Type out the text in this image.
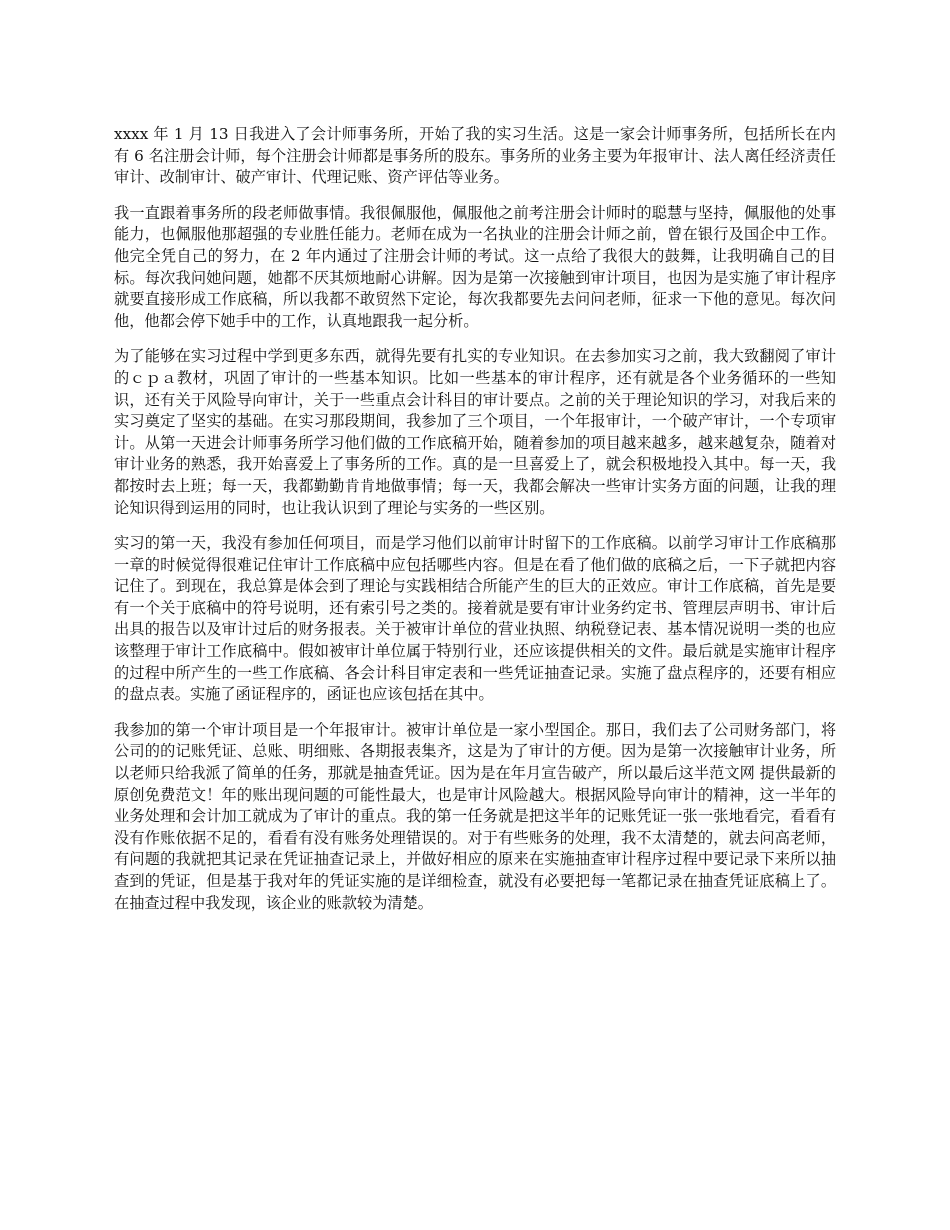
xxxx 年 1 月 13 日我进入了会计师事务所，开始了我的实习生活。这是一家会计师事务所，包括所长在内有 6 名注册会计师，每个注册会计师都是事务所的股东。事务所的业务主要为年报审计、法人离任经济责任审计、改制审计、破产审计、代理记账、资产评估等业务。

我一直跟着事务所的段老师做事情。我很佩服他，佩服他之前考注册会计师时的聪慧与坚持，佩服他的处事能力，也佩服他那超强的专业胜任能力。老师在成为一名执业的注册会计师之前，曾在银行及国企中工作。他完全凭自己的努力，在 2 年内通过了注册会计师的考试。这一点给了我很大的鼓舞，让我明确自己的目标。每次我问她问题，她都不厌其烦地耐心讲解。因为是第一次接触到审计项目，也因为是实施了审计程序就要直接形成工作底稿，所以我都不敢贸然下定论，每次我都要先去问问老师，征求一下他的意见。每次问他，他都会停下她手中的工作，认真地跟我一起分析。

为了能够在实习过程中学到更多东西，就得先要有扎实的专业知识。在去参加实习之前，我大致翻阅了审计的ｃｐａ教材，巩固了审计的一些基本知识。比如一些基本的审计程序，还有就是各个业务循环的一些知识，还有关于风险导向审计，关于一些重点会计科目的审计要点。之前的关于理论知识的学习，对我后来的实习奠定了坚实的基础。在实习那段期间，我参加了三个项目，一个年报审计，一个破产审计，一个专项审计。从第一天进会计师事务所学习他们做的工作底稿开始，随着参加的项目越来越多，越来越复杂，随着对审计业务的熟悉，我开始喜爱上了事务所的工作。真的是一旦喜爱上了，就会积极地投入其中。每一天，我都按时去上班；每一天，我都勤勤肯肯地做事情；每一天，我都会解决一些审计实务方面的问题，让我的理论知识得到运用的同时，也让我认识到了理论与实务的一些区别。

实习的第一天，我没有参加任何项目，而是学习他们以前审计时留下的工作底稿。以前学习审计工作底稿那一章的时候觉得很难记住审计工作底稿中应包括哪些内容。但是在看了他们做的底稿之后，一下子就把内容记住了。到现在，我总算是体会到了理论与实践相结合所能产生的巨大的正效应。审计工作底稿，首先是要有一个关于底稿中的符号说明，还有索引号之类的。接着就是要有审计业务约定书、管理层声明书、审计后出具的报告以及审计过后的财务报表。关于被审计单位的营业执照、纳税登记表、基本情况说明一类的也应该整理于审计工作底稿中。假如被审计单位属于特别行业，还应该提供相关的文件。最后就是实施审计程序的过程中所产生的一些工作底稿、各会计科目审定表和一些凭证抽查记录。实施了盘点程序的，还要有相应的盘点表。实施了函证程序的，函证也应该包括在其中。

我参加的第一个审计项目是一个年报审计。被审计单位是一家小型国企。那日，我们去了公司财务部门，将公司的的记账凭证、总账、明细账、各期报表集齐，这是为了审计的方便。因为是第一次接触审计业务，所以老师只给我派了简单的任务，那就是抽查凭证。因为是在年月宣告破产，所以最后这半范文网 提供最新的原创免费范文！年的账出现问题的可能性最大，也是审计风险越大。根据风险导向审计的精神，这一半年的业务处理和会计加工就成为了审计的重点。我的第一任务就是把这半年的记账凭证一张一张地看完，看看有没有作账依据不足的，看看有没有账务处理错误的。对于有些账务的处理，我不太清楚的，就去问高老师，有问题的我就把其记录在凭证抽查记录上，并做好相应的原来在实施抽查审计程序过程中要记录下来所以抽查到的凭证，但是基于我对年的凭证实施的是详细检查，就没有必要把每一笔都记录在抽查凭证底稿上了。在抽查过程中我发现，该企业的账款较为清楚。
